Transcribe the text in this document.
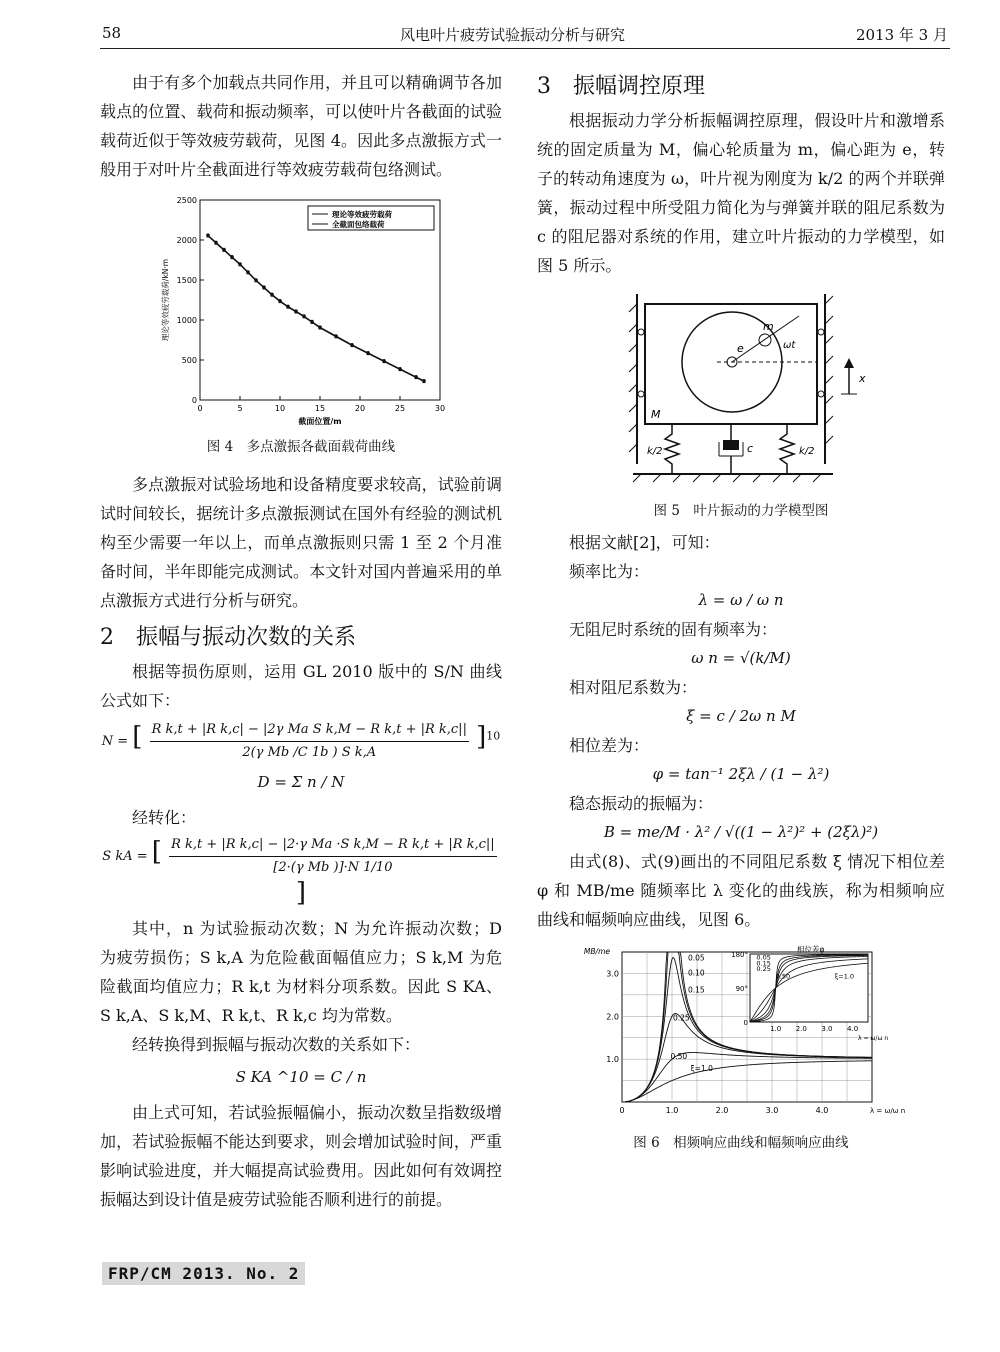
58	风电叶片疲劳试验振动分析与研究	2013 年 3 月

由于有多个加载点共同作用，并且可以精确调节各加载点的位置、载荷和振动频率，可以使叶片各截面的试验载荷近似于等效疲劳载荷，见图 4。因此多点激振方式一般用于对叶片全截面进行等效疲劳载荷包络测试。

0	5	10	15	20	25	30
0
500
1000
1500
2000
2500
截面位置/m
理论等效疲劳载荷/kN·m
理论等效疲劳载荷
全截面包络载荷
图 4　多点激振各截面载荷曲线

多点激振对试验场地和设备精度要求较高，试验前调试时间较长，据统计多点激振测试在国外有经验的测试机构至少需要一年以上，而单点激振则只需 1 至 2 个月准备时间，半年即能完成测试。本文针对国内普遍采用的单点激振方式进行分析与研究。

2　振幅与振动次数的关系

根据等损伤原则，运用 GL 2010 版中的 S/N 曲线公式如下：

N = [ $\frac{\text{R k,t + |R k,c| − |2γ Ma S k,M − R k,t + |R k,c||}}{\text{2(γ Mb /C 1b ) S k,A}} ]^{10}$
D = Σ n / N

经转化：

S kA = [ $\frac{\text{R k,t + |R k,c| − |2·γ Ma ·S k,M − R k,t + |R k,c||}}{\text{[2·(γ Mb )]·N 1/10}}$
]

其中，n 为试验振动次数；N 为允许振动次数；D 为疲劳损伤；S k,A 为危险截面幅值应力；S k,M 为危险截面均值应力；R k,t 为材料分项系数。因此 S KA、S k,A、S k,M、R k,t、R k,c 均为常数。

经转换得到振幅与振动次数的关系如下：

S KA ^10 = C / n

由上式可知，若试验振幅偏小，振动次数呈指数级增加，若试验振幅不能达到要求，则会增加试验时间，严重影响试验进度，并大幅提高试验费用。因此如何有效调控振幅达到设计值是疲劳试验能否顺利进行的前提。

3　振幅调控原理

根据振动力学分析振幅调控原理，假设叶片和激增系统的固定质量为 M，偏心轮质量为 m，偏心距为 e，转子的转动角速度为 ω，叶片视为刚度为 k/2 的两个并联弹簧，振动过程中所受阻力简化为与弹簧并联的阻尼系数为 c 的阻尼器对系统的作用，建立叶片振动的力学模型，如图 5 所示。

m
e	ωt
x
M
c
k/2	k/2
图 5　叶片振动的力学模型图

根据文献[2]，可知：

频率比为：

λ = ω / ω n

无阻尼时系统的固有频率为：

ω n = √(k/M)

相对阻尼系数为：

ξ = c / 2ω n M

相位差为：

φ = tan⁻¹ 2ξλ / (1 − λ²)

稳态振动的振幅为：

B = me/M · λ² / √((1 − λ²)² + (2ξλ)²)

由式(8)、式(9)画出的不同阻尼系数 ξ 情况下相位差 φ 和 MB/me 随频率比 λ 变化的曲线族，称为相频响应曲线和幅频响应曲线，见图 6。

0	1.0	2.0	3.0	4.0
1.0
2.0
3.0
λ = ω/ω n
MB/me
0.05
0.10
0.15
0.25
0.50
ξ=1.0
相位差φ
180°
90°
0
1.0 2.0 3.0 4.0
λ = ω/ω n
0.05
0.15
0.25
0.50	ξ=1.0
图 6　相频响应曲线和幅频响应曲线
FRP/CM 2013. No. 2
